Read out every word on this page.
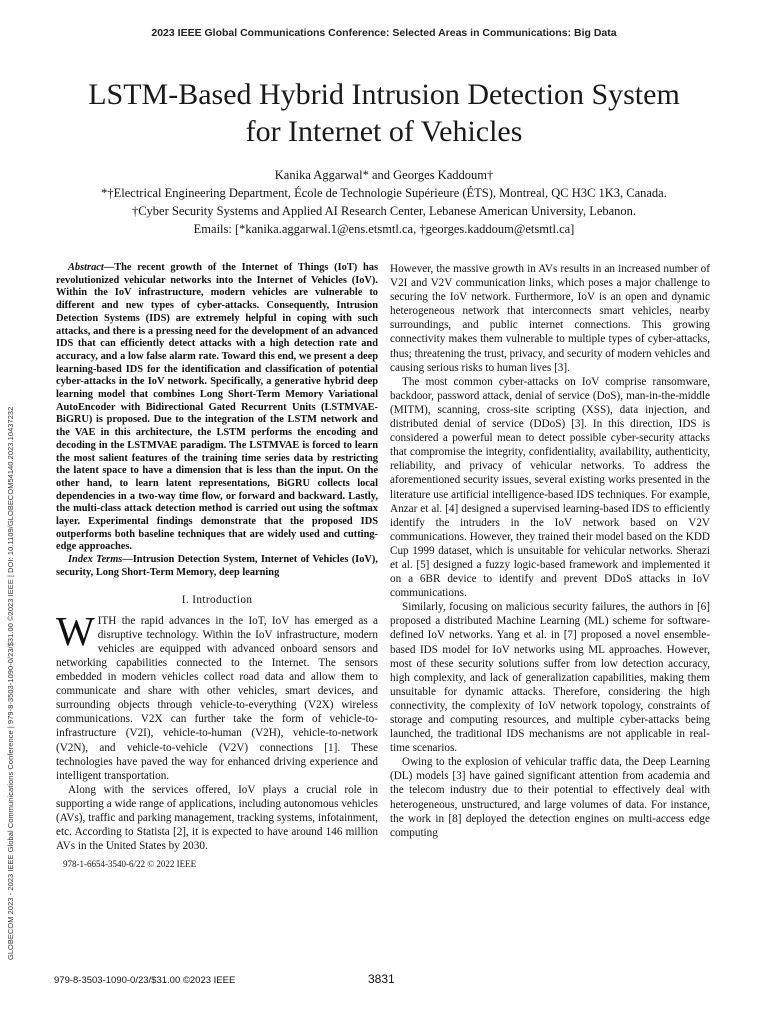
2023 IEEE Global Communications Conference: Selected Areas in Communications: Big Data
LSTM-Based Hybrid Intrusion Detection System
for Internet of Vehicles
Kanika Aggarwal* and Georges Kaddoum†
*†Electrical Engineering Department, École de Technologie Supérieure (ÉTS), Montreal, QC H3C 1K3, Canada.
†Cyber Security Systems and Applied AI Research Center, Lebanese American University, Lebanon.
Emails: [*kanika.aggarwal.1@ens.etsmtl.ca, †georges.kaddoum@etsmtl.ca]
GLOBECOM 2023 - 2023 IEEE Global Communications Conference | 979-8-3503-1090-0/23/$31.00 ©2023 IEEE | DOI: 10.1109/GLOBECOM54140.2023.10437232

Abstract—The recent growth of the Internet of Things (IoT) has revolutionized vehicular networks into the Internet of Vehicles (IoV). Within the IoV infrastructure, modern vehicles are vulnerable to different and new types of cyber-attacks. Consequently, Intrusion Detection Systems (IDS) are extremely helpful in coping with such attacks, and there is a pressing need for the development of an advanced IDS that can efficiently detect attacks with a high detection rate and accuracy, and a low false alarm rate. Toward this end, we present a deep learning-based IDS for the identification and classification of potential cyber-attacks in the IoV network. Specifically, a generative hybrid deep learning model that combines Long Short-Term Memory Variational AutoEncoder with Bidirectional Gated Recurrent Units (LSTMVAE-BiGRU) is proposed. Due to the integration of the LSTM network and the VAE in this architecture, the LSTM performs the encoding and decoding in the LSTMVAE paradigm. The LSTMVAE is forced to learn the most salient features of the training time series data by restricting the latent space to have a dimension that is less than the input. On the other hand, to learn latent representations, BiGRU collects local dependencies in a two-way time flow, or forward and backward. Lastly, the multi-class attack detection method is carried out using the softmax layer. Experimental findings demonstrate that the proposed IDS outperforms both baseline techniques that are widely used and cutting-edge approaches.

Index Terms—Intrusion Detection System, Internet of Vehicles (IoV), security, Long Short-Term Memory, deep learning

I. Introduction

WITH the rapid advances in the IoT, IoV has emerged as a disruptive technology. Within the IoV infrastructure, modern vehicles are equipped with advanced onboard sensors and networking capabilities connected to the Internet. The sensors embedded in modern vehicles collect road data and allow them to communicate and share with other vehicles, smart devices, and surrounding objects through vehicle-to-everything (V2X) wireless communications. V2X can further take the form of vehicle-to-infrastructure (V2I), vehicle-to-human (V2H), vehicle-to-network (V2N), and vehicle-to-vehicle (V2V) connections [1]. These technologies have paved the way for enhanced driving experience and intelligent transportation.

Along with the services offered, IoV plays a crucial role in supporting a wide range of applications, including autonomous vehicles (AVs), traffic and parking management, tracking systems, infotainment, etc. According to Statista [2], it is expected to have around 146 million AVs in the United States by 2030.

978-1-6654-3540-6/22 © 2022 IEEE

However, the massive growth in AVs results in an increased number of V2I and V2V communication links, which poses a major challenge to securing the IoV network. Furthermore, IoV is an open and dynamic heterogeneous network that interconnects smart vehicles, nearby surroundings, and public internet connections. This growing connectivity makes them vulnerable to multiple types of cyber-attacks, thus; threatening the trust, privacy, and security of modern vehicles and causing serious risks to human lives [3].

The most common cyber-attacks on IoV comprise ransomware, backdoor, password attack, denial of service (DoS), man-in-the-middle (MITM), scanning, cross-site scripting (XSS), data injection, and distributed denial of service (DDoS) [3]. In this direction, IDS is considered a powerful mean to detect possible cyber-security attacks that compromise the integrity, confidentiality, availability, authenticity, reliability, and privacy of vehicular networks. To address the aforementioned security issues, several existing works presented in the literature use artificial intelligence-based IDS techniques. For example, Anzar et al. [4] designed a supervised learning-based IDS to efficiently identify the intruders in the IoV network based on V2V communications. However, they trained their model based on the KDD Cup 1999 dataset, which is unsuitable for vehicular networks. Sherazi et al. [5] designed a fuzzy logic-based framework and implemented it on a 6BR device to identify and prevent DDoS attacks in IoV communications.

Similarly, focusing on malicious security failures, the authors in [6] proposed a distributed Machine Learning (ML) scheme for software-defined IoV networks. Yang et al. in [7] proposed a novel ensemble-based IDS model for IoV networks using ML approaches. However, most of these security solutions suffer from low detection accuracy, high complexity, and lack of generalization capabilities, making them unsuitable for dynamic attacks. Therefore, considering the high connectivity, the complexity of IoV network topology, constraints of storage and computing resources, and multiple cyber-attacks being launched, the traditional IDS mechanisms are not applicable in real-time scenarios.

Owing to the explosion of vehicular traffic data, the Deep Learning (DL) models [3] have gained significant attention from academia and the telecom industry due to their potential to effectively deal with heterogeneous, unstructured, and large volumes of data. For instance, the work in [8] deployed the detection engines on multi-access edge computing

979-8-3503-1090-0/23/$31.00 ©2023 IEEE	3831
